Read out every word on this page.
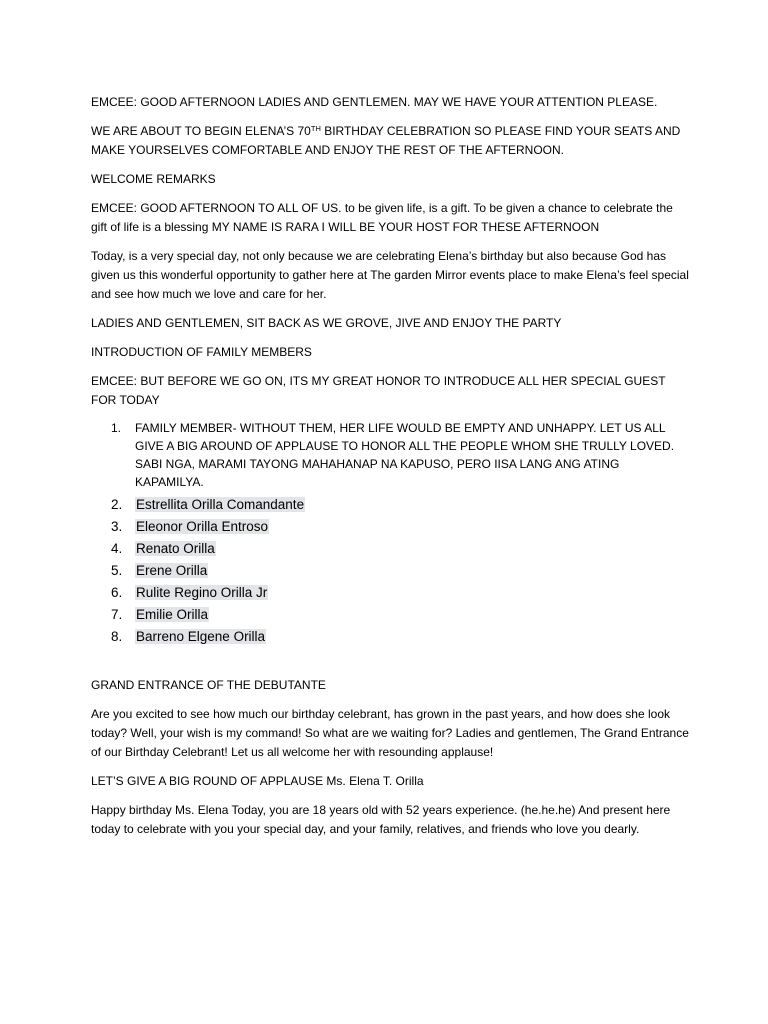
EMCEE: GOOD AFTERNOON LADIES AND GENTLEMEN. MAY WE HAVE YOUR ATTENTION PLEASE.

WE ARE ABOUT TO BEGIN ELENA’S 70TH BIRTHDAY CELEBRATION SO PLEASE FIND YOUR SEATS AND MAKE YOURSELVES COMFORTABLE AND ENJOY THE REST OF THE AFTERNOON.

WELCOME REMARKS

EMCEE: GOOD AFTERNOON TO ALL OF US. to be given life, is a gift. To be given a chance to celebrate the gift of life is a blessing MY NAME IS RARA I WILL BE YOUR HOST FOR THESE AFTERNOON

Today, is a very special day, not only because we are celebrating Elena’s birthday but also because God has given us this wonderful opportunity to gather here at The garden Mirror events place to make Elena’s feel special and see how much we love and care for her.

LADIES AND GENTLEMEN, SIT BACK AS WE GROVE, JIVE AND ENJOY THE PARTY

INTRODUCTION OF FAMILY MEMBERS

EMCEE: BUT BEFORE WE GO ON, ITS MY GREAT HONOR TO INTRODUCE ALL HER SPECIAL GUEST FOR TODAY

1. FAMILY MEMBER- WITHOUT THEM, HER LIFE WOULD BE EMPTY AND UNHAPPY. LET US ALL GIVE A BIG AROUND OF APPLAUSE TO HONOR ALL THE PEOPLE WHOM SHE TRULLY LOVED. SABI NGA, MARAMI TAYONG MAHAHANAP NA KAPUSO, PERO IISA LANG ANG ATING KAPAMILYA.
2. Estrellita Orilla Comandante
3. Eleonor Orilla Entroso
4. Renato Orilla
5. Erene Orilla
6. Rulite Regino Orilla Jr
7. Emilie Orilla
8. Barreno Elgene Orilla

GRAND ENTRANCE OF THE DEBUTANTE

Are you excited to see how much our birthday celebrant, has grown in the past years, and how does she look today? Well, your wish is my command! So what are we waiting for? Ladies and gentlemen, The Grand Entrance of our Birthday Celebrant! Let us all welcome her with resounding applause!

LET’S GIVE A BIG ROUND OF APPLAUSE Ms. Elena T. Orilla

Happy birthday Ms. Elena Today, you are 18 years old with 52 years experience. (he.he.he) And present here today to celebrate with you your special day, and your family, relatives, and friends who love you dearly.
